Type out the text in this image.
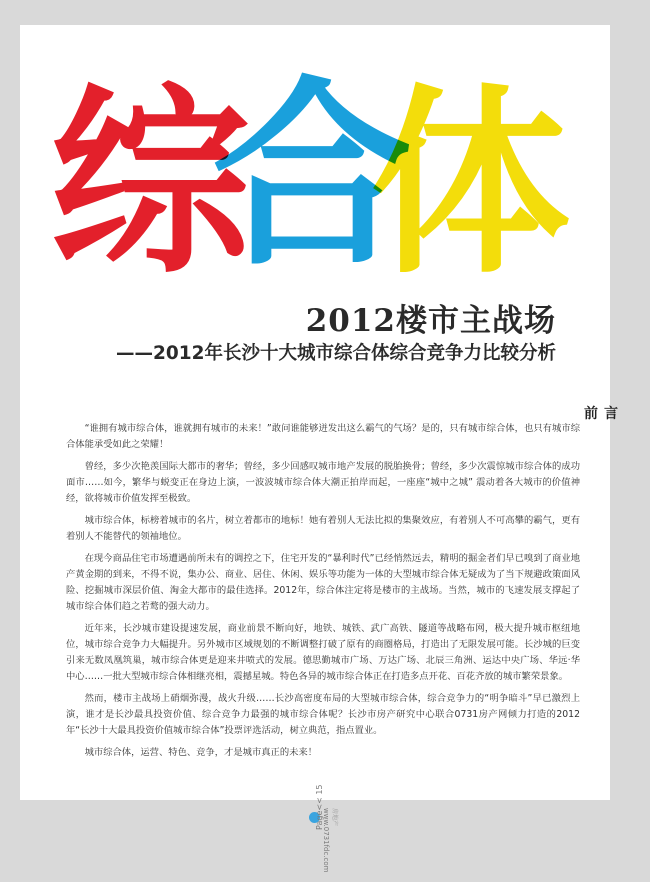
综
合
体
2012楼市主战场
——2012年长沙十大城市综合体综合竞争力比较分析
前言

“谁拥有城市综合体，谁就拥有城市的未来！”敢问谁能够迸发出这么霸气的气场？是的，只有城市综合体，也只有城市综合体能承受如此之荣耀！

曾经，多少次艳羡国际大都市的奢华；曾经，多少回感叹城市地产发展的脱胎换骨；曾经，多少次震惊城市综合体的成功面市……如今，繁华与蜕变正在身边上演，一波波城市综合体大潮正拍岸而起，一座座“城中之城” 震动着各大城市的价值神经，欲将城市价值发挥至极致。

城市综合体，标榜着城市的名片，树立着都市的地标！她有着别人无法比拟的集聚效应，有着别人不可高攀的霸气，更有着别人不能替代的领袖地位。

在现今商品住宅市场遭遇前所未有的调控之下，住宅开发的“暴利时代”已经悄然远去，精明的掘金者们早已嗅到了商业地产黄金期的到来，不得不说，集办公、商业、居住、休闲、娱乐等功能为一体的大型城市综合体无疑成为了当下规避政策面风险、挖掘城市深层价值、淘金大都市的最佳选择。2012年，综合体注定将是楼市的主战场。当然，城市的飞速发展支撑起了城市综合体们趋之若鹜的强大动力。

近年来，长沙城市建设提速发展，商业前景不断向好，地铁、城铁、武广高铁、隧道等战略布网，极大提升城市枢纽地位，城市综合竞争力大幅提升。另外城市区域规划的不断调整打破了原有的商圈格局，打造出了无限发展可能。长沙城的巨变引来无数凤凰筑巢，城市综合体更是迎来井喷式的发展。德思勤城市广场、万达广场、北辰三角洲、运达中央广场、华远·华中心……一批大型城市综合体相继亮相，震撼星城。特色各异的城市综合体正在打造多点开花、百花齐放的城市繁荣景象。

然而，楼市主战场上硝烟弥漫，战火升级……长沙高密度布局的大型城市综合体，综合竞争力的“明争暗斗”早已激烈上演，谁才是长沙最具投资价值、综合竞争力最强的城市综合体呢？长沙市房产研究中心联合0731房产网倾力打造的2012年“长沙十大最具投资价值城市综合体”投票评选活动，树立典范，指点置业。

城市综合体，运营、特色、竞争，才是城市真正的未来！

Page<< 15
www.0731fdc.com 房地产
